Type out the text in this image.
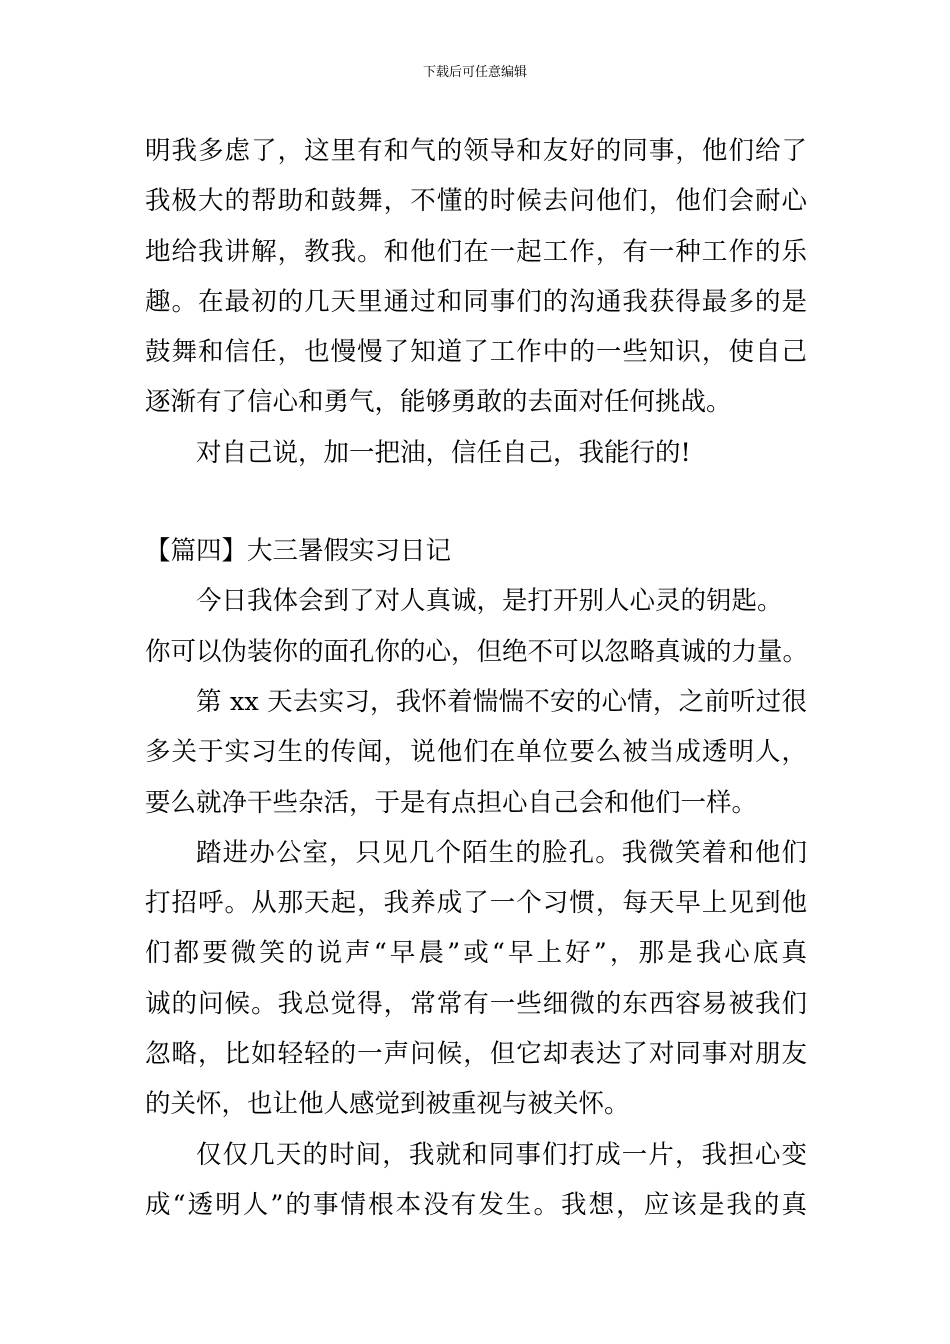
下载后可任意编辑
明我多虑了，这里有和气的领导和友好的同事，他们给了
我极大的帮助和鼓舞，不懂的时候去问他们，他们会耐心
地给我讲解，教我。和他们在一起工作，有一种工作的乐
趣。在最初的几天里通过和同事们的沟通我获得最多的是
鼓舞和信任，也慢慢了知道了工作中的一些知识，使自己
逐渐有了信心和勇气，能够勇敢的去面对任何挑战。
对自己说，加一把油，信任自己，我能行的!
【篇四】大三暑假实习日记
今日我体会到了对人真诚，是打开别人心灵的钥匙。
你可以伪装你的面孔你的心，但绝不可以忽略真诚的力量。
第 xx 天去实习，我怀着惴惴不安的心情，之前听过很
多关于实习生的传闻，说他们在单位要么被当成透明人，
要么就净干些杂活，于是有点担心自己会和他们一样。
踏进办公室，只见几个陌生的脸孔。我微笑着和他们
打招呼。从那天起，我养成了一个习惯，每天早上见到他
们都要微笑的说声“早晨”或“早上好”，那是我心底真
诚的问候。我总觉得，常常有一些细微的东西容易被我们
忽略，比如轻轻的一声问候，但它却表达了对同事对朋友
的关怀，也让他人感觉到被重视与被关怀。
仅仅几天的时间，我就和同事们打成一片，我担心变
成“透明人”的事情根本没有发生。我想，应该是我的真
